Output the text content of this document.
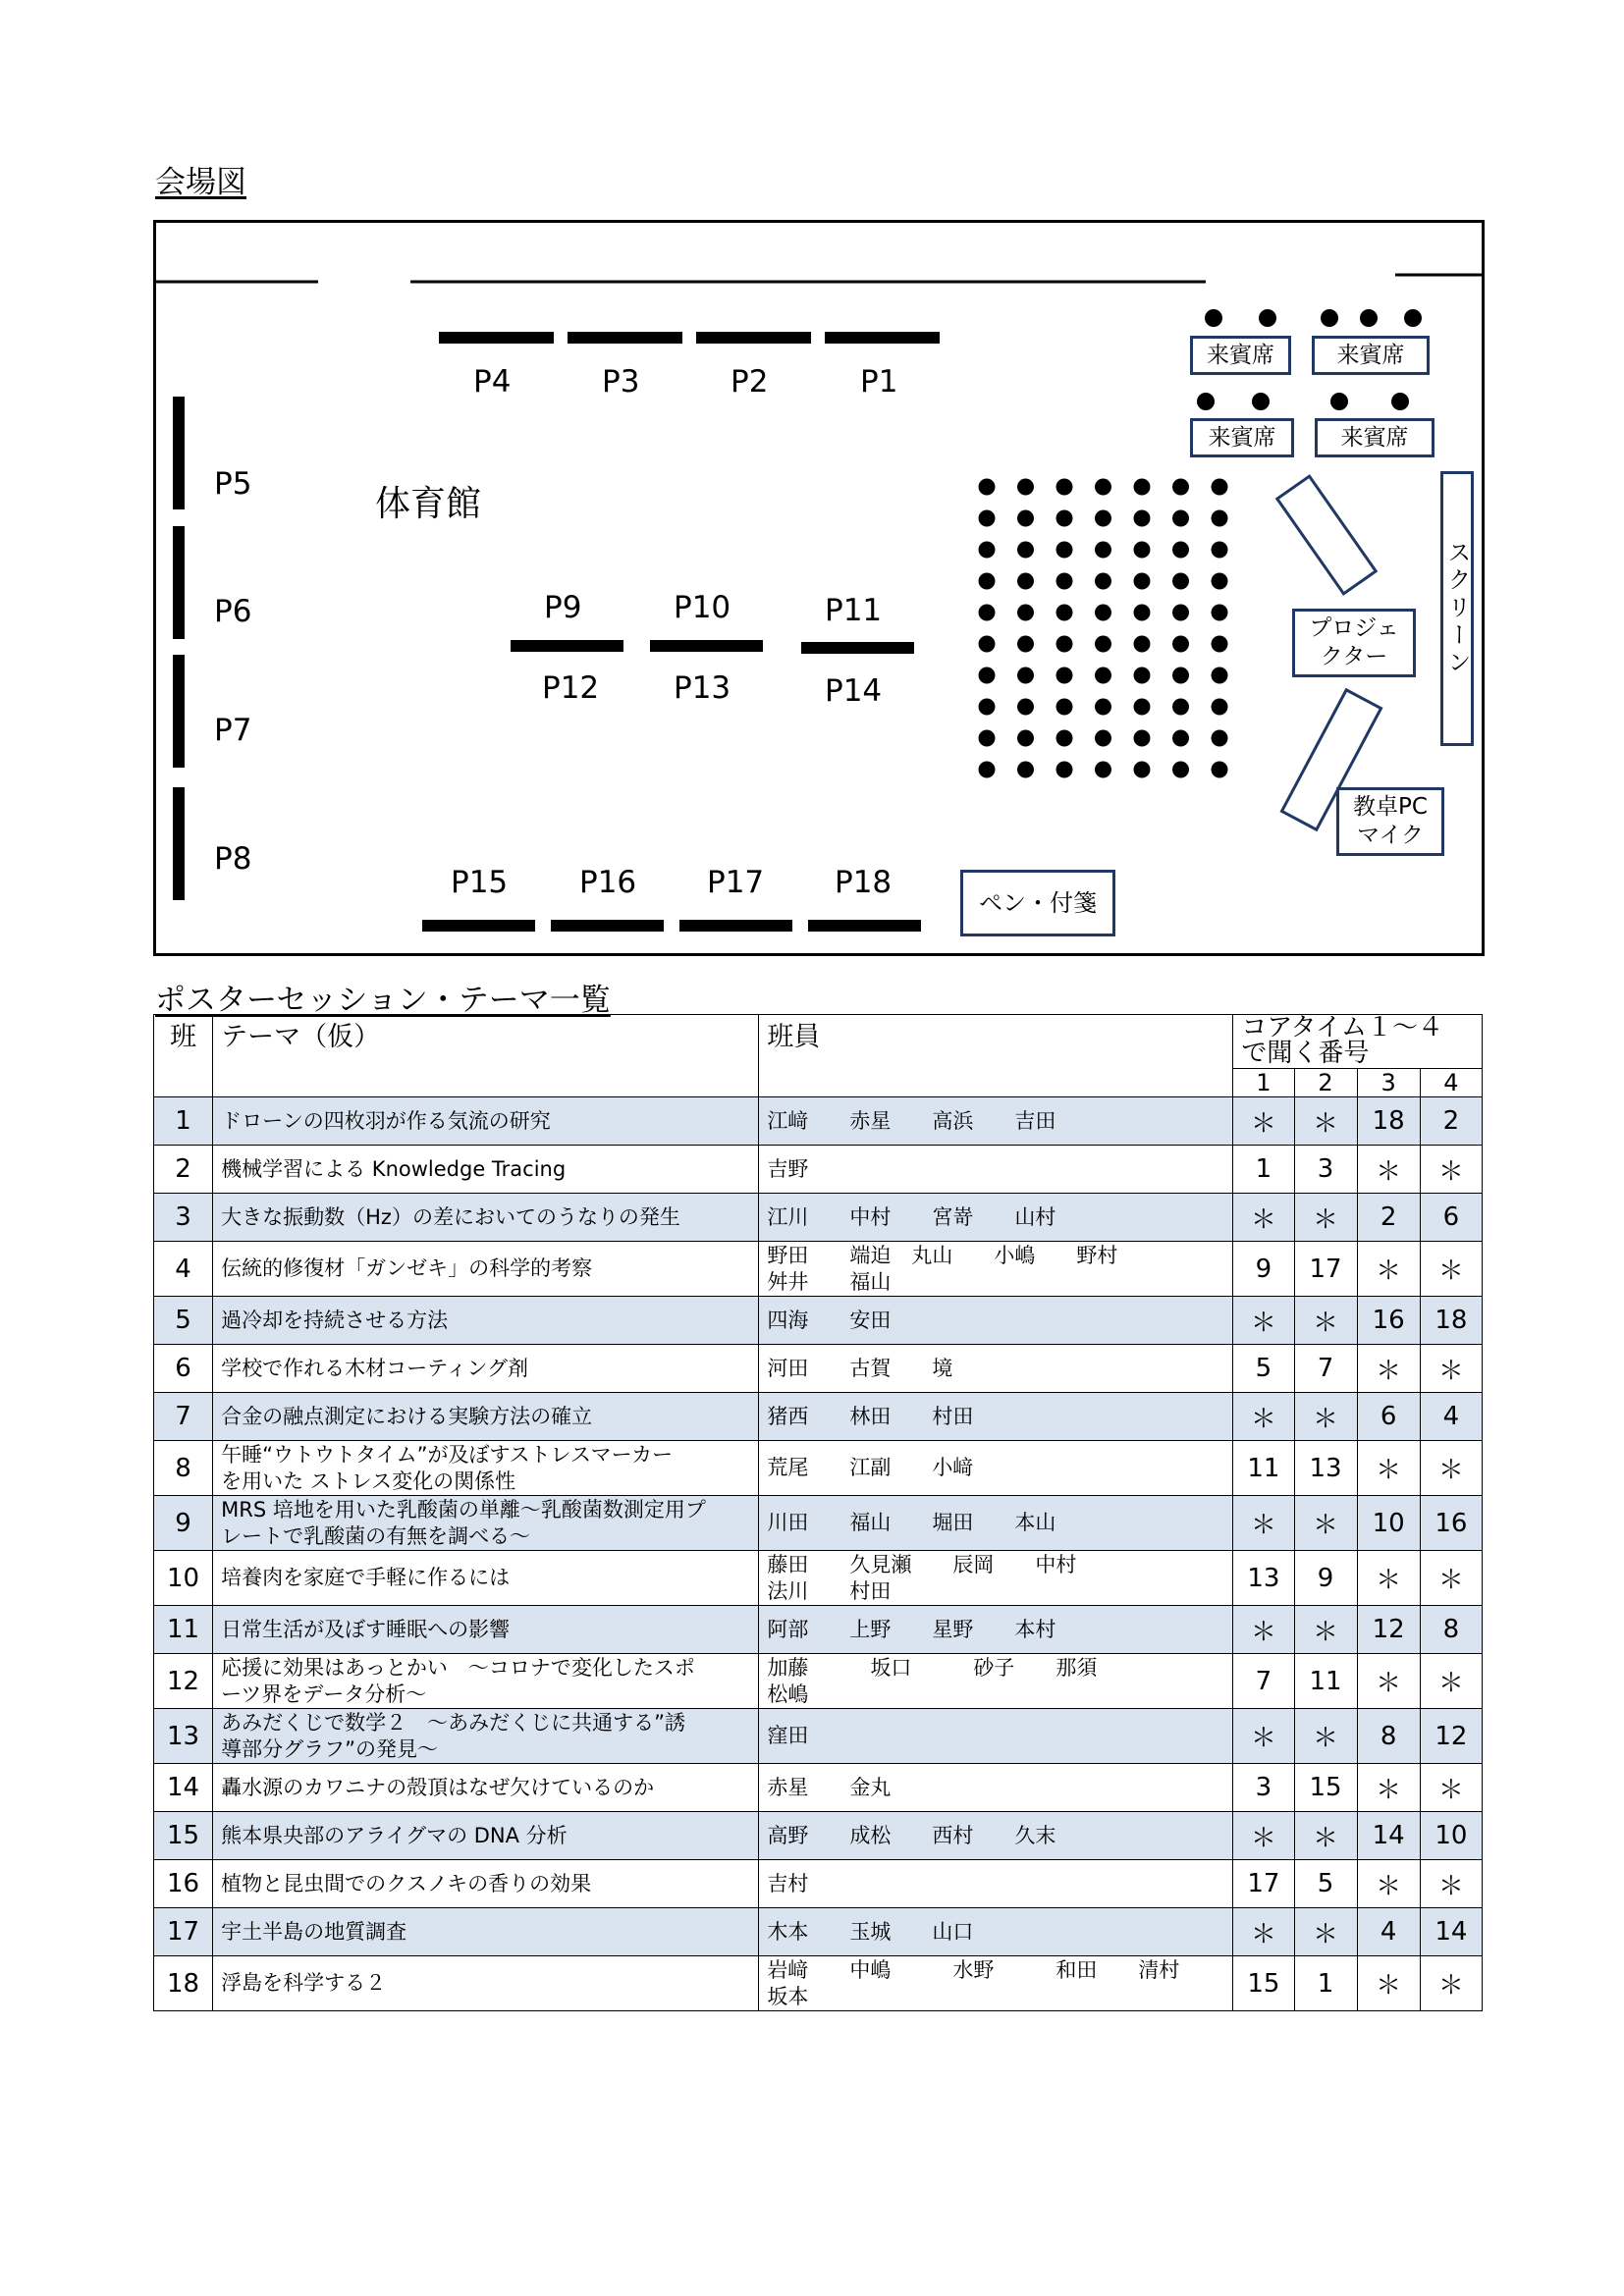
会場図
P4	P3	P2	P1
P5
P6
P7
P8
P9	P10	P11
P12 P13	P14
P15 P16 P17 P18
体育館
来賓席	来賓席
来賓席	来賓席
スクリーン
プロジェ
クター
教卓PC
マイク
ペン・付箋
ポスターセッション・テーマ一覧
班	テーマ（仮）	班員	コアタイム１～４
で聞く番号			
			1	2	3	4
1	ドローンの四枚羽が作る気流の研究	江﨑　　赤星　　高浜　　吉田	＊	＊	18	2
2	機械学習による Knowledge Tracing	吉野	1	3	＊	＊
3	大きな振動数（Hz）の差においてのうなりの発生	江川　　中村　　宮嵜　　山村	＊	＊	2	6
4	伝統的修復材「ガンゼキ」の科学的考察	野田　　端迫　丸山　　小嶋　　野村
舛井　　福山	9	17	＊	＊
5	過冷却を持続させる方法	四海　　安田	＊	＊	16	18
6	学校で作れる木材コーティング剤	河田　　古賀　　境	5	7	＊	＊
7	合金の融点測定における実験方法の確立	猪西　　林田　　村田	＊	＊	6	4
8	午睡“ウトウトタイム”が及ぼすストレスマーカー
を用いた ストレス変化の関係性	荒尾　　江副　　小﨑	11	13	＊	＊
9	MRS 培地を用いた乳酸菌の単離～乳酸菌数測定用プ
レートで乳酸菌の有無を調べる～	川田　　福山　　堀田　　本山	＊	＊	10	16
10	培養肉を家庭で手軽に作るには	藤田　　久見瀬　　辰岡　　中村
法川　　村田	13	9	＊	＊
11	日常生活が及ぼす睡眠への影響	阿部　　上野　　星野　　本村	＊	＊	12	8
12	応援に効果はあっとかい　～コロナで変化したスポ
ーツ界をデータ分析～	加藤　　　坂口　　　砂子　　那須
松嶋	7	11	＊	＊
13	あみだくじで数学２　～あみだくじに共通する”誘
導部分グラフ”の発見～	窪田	＊	＊	8	12
14	轟水源のカワニナの殻頂はなぜ欠けているのか	赤星　　金丸	3	15	＊	＊
15	熊本県央部のアライグマの DNA 分析	高野　　成松　　西村　　久末	＊	＊	14	10
16	植物と昆虫間でのクスノキの香りの効果	吉村	17	5	＊	＊
17	宇土半島の地質調査	木本　　玉城　　山口	＊	＊	4	14
18	浮島を科学する２	岩﨑　　中嶋　　　水野　　　和田　　清村
坂本	15	1	＊	＊
